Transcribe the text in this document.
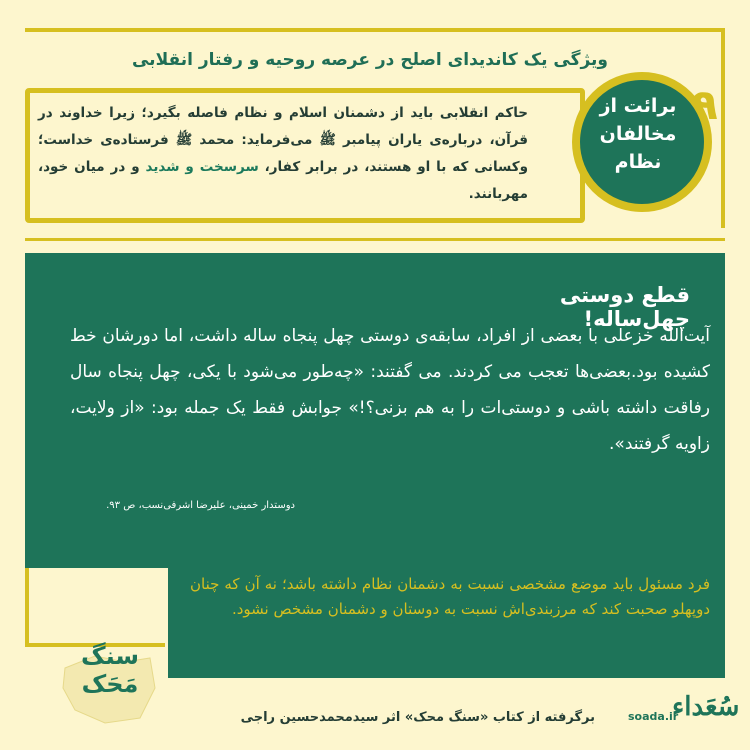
ویژگی یک کاندیدای اصلح در عرصه روحیه و رفتار انقلابی
حاکم انقلابی باید از دشمنان اسلام و نظام فاصله بگیرد؛ زیرا خداوند در قرآن، درباره‌ی یاران پیامبر ﷺ می‌فرماید: محمد ﷺ فرستاده‌ی خداست؛ وکسانی که با او هستند، در برابر کفار، سرسخت و شدید و در میان خود، مهربانند.
۹
برائت از
مخالفان
نظام
قطع دوستی چهل‌ساله!
آیت‌الله خزعلی با بعضی از افراد، سابقه‌ی دوستی چهل پنجاه ساله داشت، اما دورشان خط کشیده بود.بعضی‌ها تعجب می کردند. می گفتند: «چه‌طور می‌شود با یکی، چهل پنجاه سال رفاقت داشته باشی و دوستی‌ات را به هم بزنی؟!» جوابش فقط یک جمله بود: «از ولایت، زاویه گرفتند».
دوستدار خمینی، علیرضا اشرفی‌نسب، ص ۹۳.
فرد مسئول باید موضع مشخصی نسبت به دشمنان نظام داشته باشد؛ نه آن که چنان دوپهلو صحبت کند که مرزبندی‌اش نسبت به دوستان و دشمنان مشخص نشود.
سنگ
مَحَک
برگرفته از کتاب «سنگ محک» اثر سیدمحمدحسین راجی	سُعَداء
soada.ir
